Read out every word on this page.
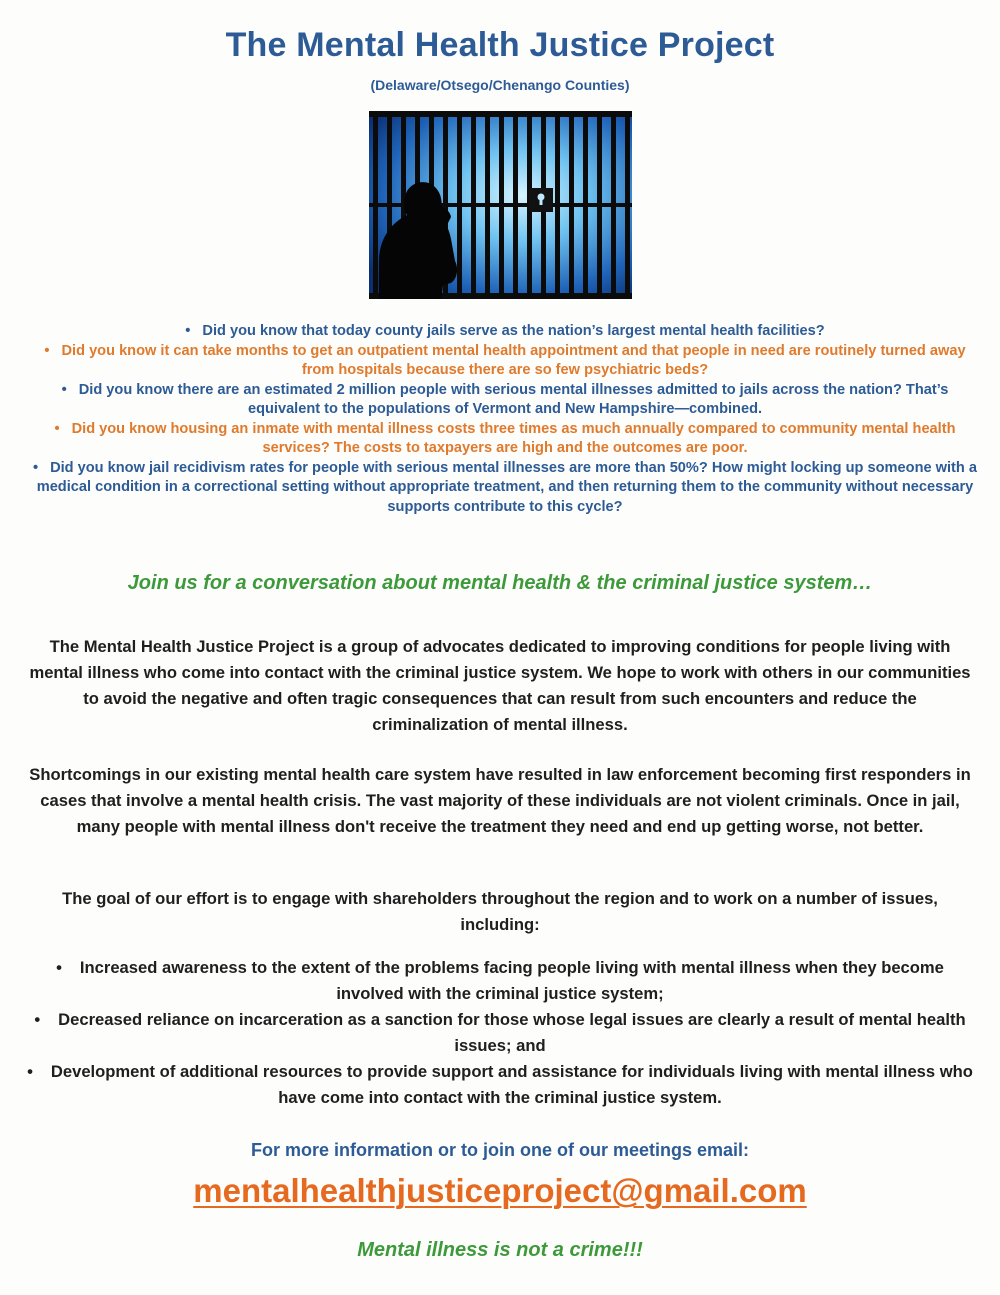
The Mental Health Justice Project
(Delaware/Otsego/Chenango Counties)
• Did you know that today county jails serve as the nation’s largest mental health facilities?
• Did you know it can take months to get an outpatient mental health appointment and that people in need are routinely turned away from hospitals because there are so few psychiatric beds?
• Did you know there are an estimated 2 million people with serious mental illnesses admitted to jails across the nation? That’s equivalent to the populations of Vermont and New Hampshire—combined.
• Did you know housing an inmate with mental illness costs three times as much annually compared to community mental health services? The costs to taxpayers are high and the outcomes are poor.
• Did you know jail recidivism rates for people with serious mental illnesses are more than 50%? How might locking up someone with a medical condition in a correctional setting without appropriate treatment, and then returning them to the community without necessary supports contribute to this cycle?
Join us for a conversation about mental health & the criminal justice system…

The Mental Health Justice Project is a group of advocates dedicated to improving conditions for people living with mental illness who come into contact with the criminal justice system. We hope to work with others in our communities to avoid the negative and often tragic consequences that can result from such encounters and reduce the criminalization of mental illness.

Shortcomings in our existing mental health care system have resulted in law enforcement becoming first responders in cases that involve a mental health crisis. The vast majority of these individuals are not violent criminals. Once in jail, many people with mental illness don't receive the treatment they need and end up getting worse, not better.

The goal of our effort is to engage with shareholders throughout the region and to work on a number of issues, including:

• Increased awareness to the extent of the problems facing people living with mental illness when they become involved with the criminal justice system;
• Decreased reliance on incarceration as a sanction for those whose legal issues are clearly a result of mental health issues; and
• Development of additional resources to provide support and assistance for individuals living with mental illness who have come into contact with the criminal justice system.
For more information or to join one of our meetings email:
mentalhealthjusticeproject@gmail.com
Mental illness is not a crime!!!
